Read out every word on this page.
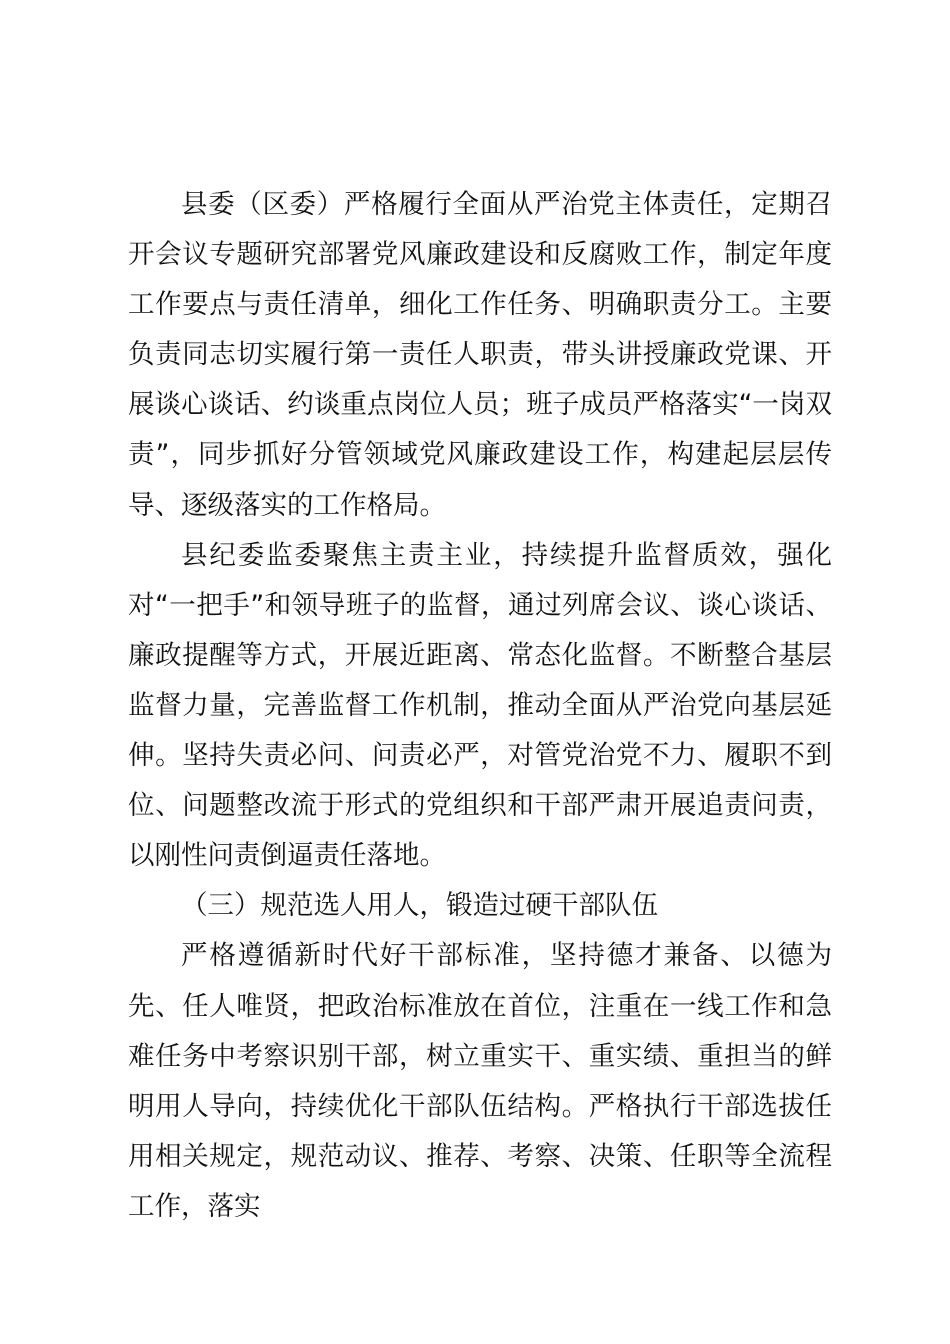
县委（区委）严格履行全面从严治党主体责任，定期召开会议专题研究部署党风廉政建设和反腐败工作，制定年度工作要点与责任清单，细化工作任务、明确职责分工。主要负责同志切实履行第一责任人职责，带头讲授廉政党课、开展谈心谈话、约谈重点岗位人员；班子成员严格落实“一岗双责”，同步抓好分管领域党风廉政建设工作，构建起层层传导、逐级落实的工作格局。

县纪委监委聚焦主责主业，持续提升监督质效，强化对“一把手”和领导班子的监督，通过列席会议、谈心谈话、廉政提醒等方式，开展近距离、常态化监督。不断整合基层监督力量，完善监督工作机制，推动全面从严治党向基层延伸。坚持失责必问、问责必严，对管党治党不力、履职不到位、问题整改流于形式的党组织和干部严肃开展追责问责，以刚性问责倒逼责任落地。

（三）规范选人用人，锻造过硬干部队伍

严格遵循新时代好干部标准，坚持德才兼备、以德为先、任人唯贤，把政治标准放在首位，注重在一线工作和急难任务中考察识别干部，树立重实干、重实绩、重担当的鲜明用人导向，持续优化干部队伍结构。严格执行干部选拔任用相关规定，规范动议、推荐、考察、决策、任职等全流程工作，落实
